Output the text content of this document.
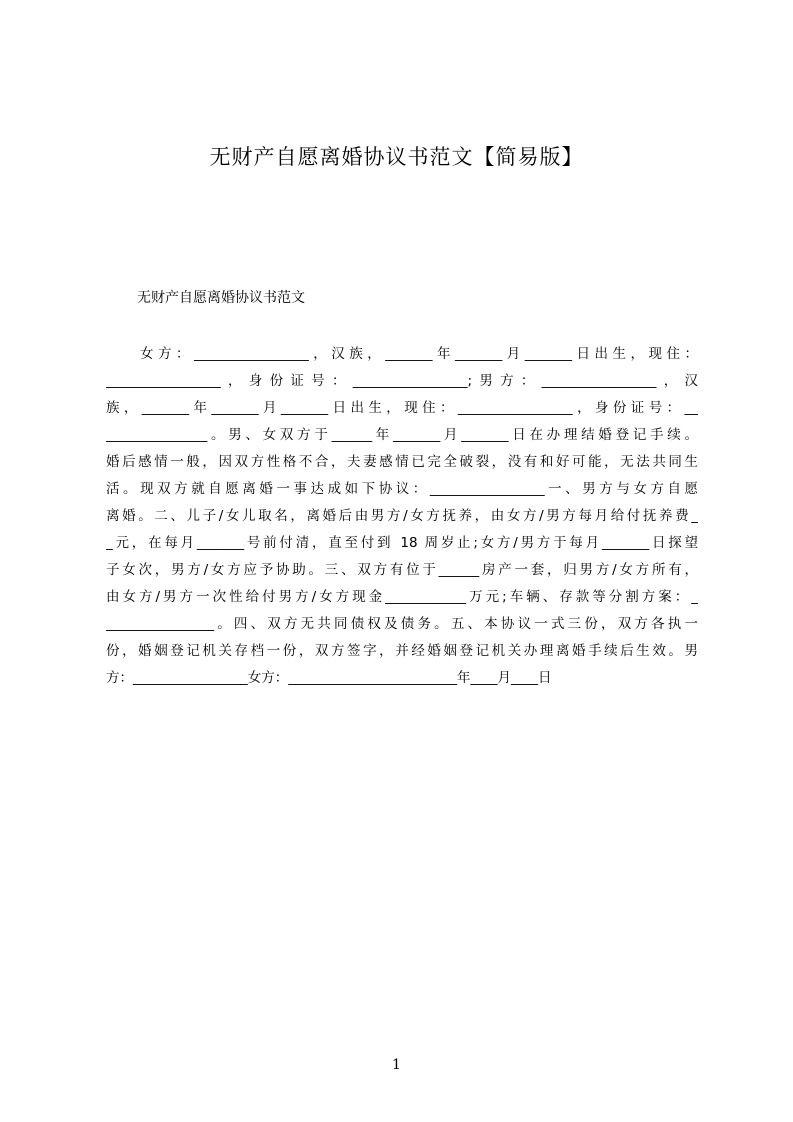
无财产自愿离婚协议书范文【简易版】
无财产自愿离婚协议书范文
女方：_________________，汉族，_______年_______月_______日出生，现住：
_________________，身份证号：_________________;男方：_________________，汉
族，_______年_______月_______日出生，现住：_________________，身份证号：__
_______________。男、女双方于______年_______月_______日在办理结婚登记手续。
婚后感情一般，因双方性格不合，夫妻感情已完全破裂，没有和好可能，无法共同生
活。现双方就自愿离婚一事达成如下协议：_________________一、男方与女方自愿
离婚。二、儿子/女儿取名，离婚后由男方/女方抚养，由女方/男方每月给付抚养费_
_元，在每月_______号前付清，直至付到 18 周岁止;女方/男方于每月_______日探望
子女次，男方/女方应予协助。三、双方有位于______房产一套，归男方/女方所有，
由女方/男方一次性给付男方/女方现金____________万元;车辆、存款等分割方案：_
________________。四、双方无共同债权及债务。五、本协议一式三份，双方各执一
份，婚姻登记机关存档一份，双方签字，并经婚姻登记机关办理离婚手续后生效。男
方：_________________女方：_________________________年____月____日
1
